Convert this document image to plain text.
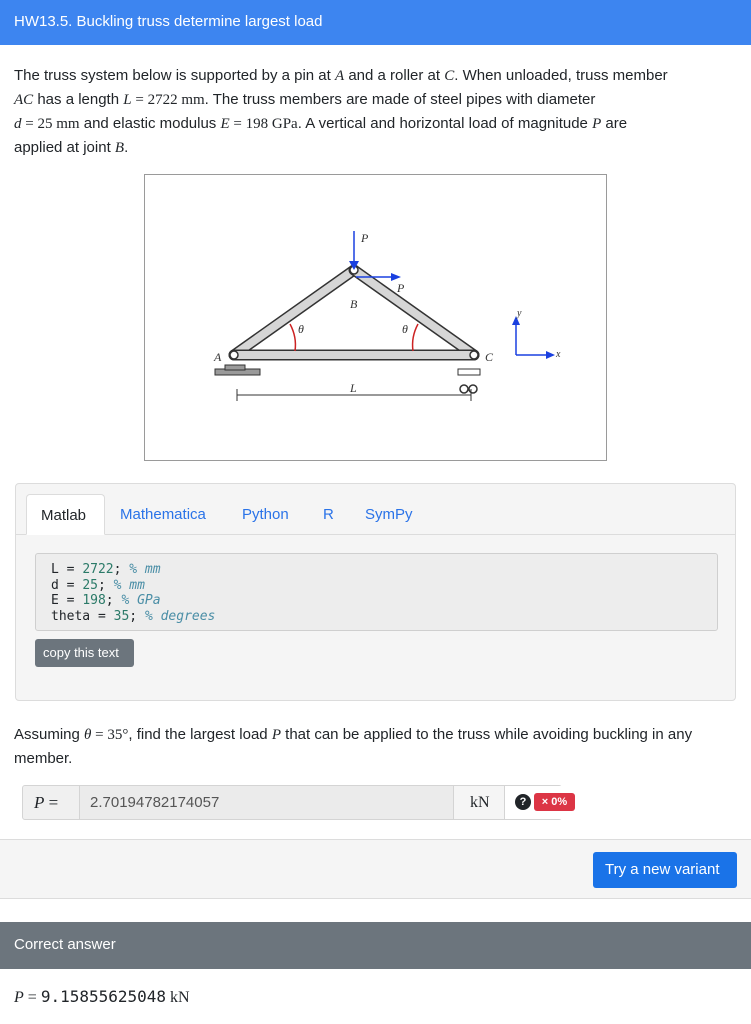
HW13.5. Buckling truss determine largest load
The truss system below is supported by a pin at A and a roller at C. When unloaded, truss member
AC has a length L = 2722 mm. The truss members are made of steel pipes with diameter
d = 25 mm and elastic modulus E = 198 GPa. A vertical and horizontal load of magnitude P are
applied at joint B.
A
B
C
P
P
θ	θ
L
y
x
Matlab	Mathematica	Python	R	SymPy
L = 2722; % mm
d = 25; % mm
E = 198; % GPa
theta = 35; % degrees
copy this text
Assuming θ = 35°, find the largest load P that can be applied to the truss while avoiding buckling in any member.
P =	2.70194782174057	kN	?	× 0%
Try a new variant
Correct answer
P = 9.15855625048 kN
